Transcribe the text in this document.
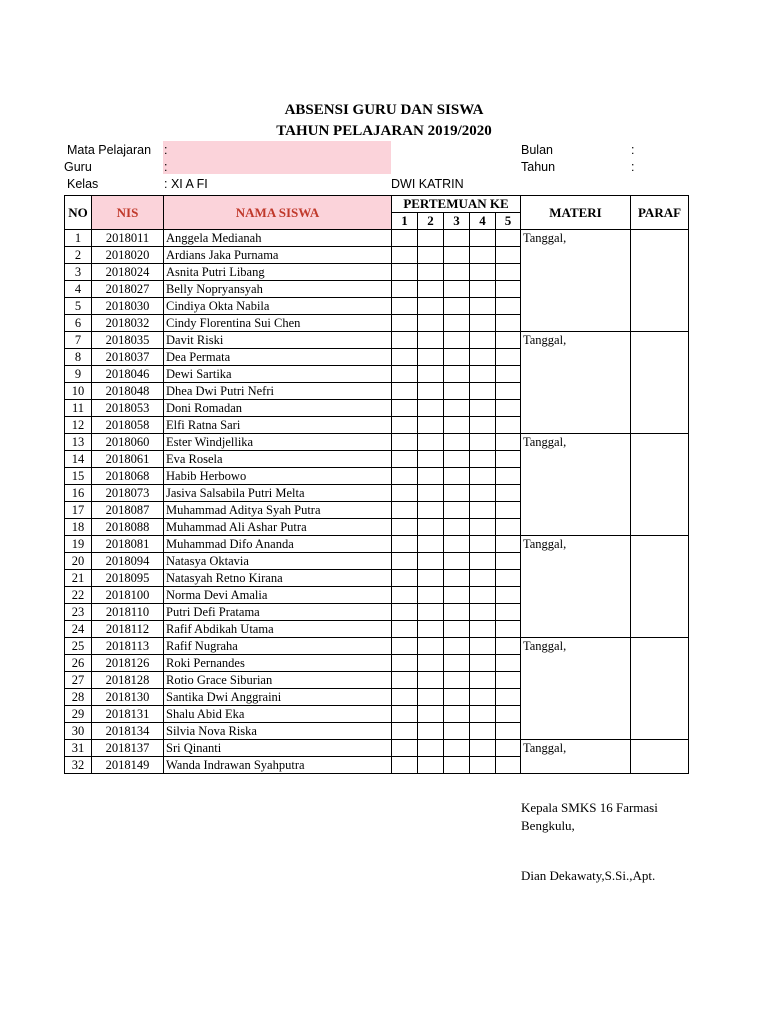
ABSENSI GURU DAN SISWA
TAHUN PELAJARAN 2019/2020
Mata Pelajaran :
Guru	:
Kelas	: XI A FI	DWI KATRIN
Bulan	:
Tahun	:
NO	NIS	NAMA SISWA	PERTEMUAN KE					MATERI	PARAF
			1	2	3	4	5		
1	2018011	Anggela Medianah						Tanggal,	
2	2018020	Ardians Jaka Purnama							
3	2018024	Asnita Putri Libang							
4	2018027	Belly Nopryansyah							
5	2018030	Cindiya Okta Nabila							
6	2018032	Cindy Florentina Sui Chen							
7	2018035	Davit Riski						Tanggal,	
8	2018037	Dea Permata							
9	2018046	Dewi Sartika							
10	2018048	Dhea Dwi Putri Nefri							
11	2018053	Doni Romadan							
12	2018058	Elfi Ratna Sari							
13	2018060	Ester Windjellika						Tanggal,	
14	2018061	Eva Rosela							
15	2018068	Habib Herbowo							
16	2018073	Jasiva Salsabila Putri Melta							
17	2018087	Muhammad Aditya Syah Putra							
18	2018088	Muhammad Ali Ashar Putra							
19	2018081	Muhammad Difo Ananda						Tanggal,	
20	2018094	Natasya Oktavia							
21	2018095	Natasyah Retno Kirana							
22	2018100	Norma Devi Amalia							
23	2018110	Putri Defi Pratama							
24	2018112	Rafif Abdikah Utama							
25	2018113	Rafif Nugraha						Tanggal,	
26	2018126	Roki Pernandes							
27	2018128	Rotio Grace Siburian							
28	2018130	Santika Dwi Anggraini							
29	2018131	Shalu Abid Eka							
30	2018134	Silvia Nova Riska							
31	2018137	Sri Qinanti						Tanggal,	
32	2018149	Wanda Indrawan Syahputra							
Kepala SMKS 16 Farmasi
Bengkulu,
Dian Dekawaty,S.Si.,Apt.
